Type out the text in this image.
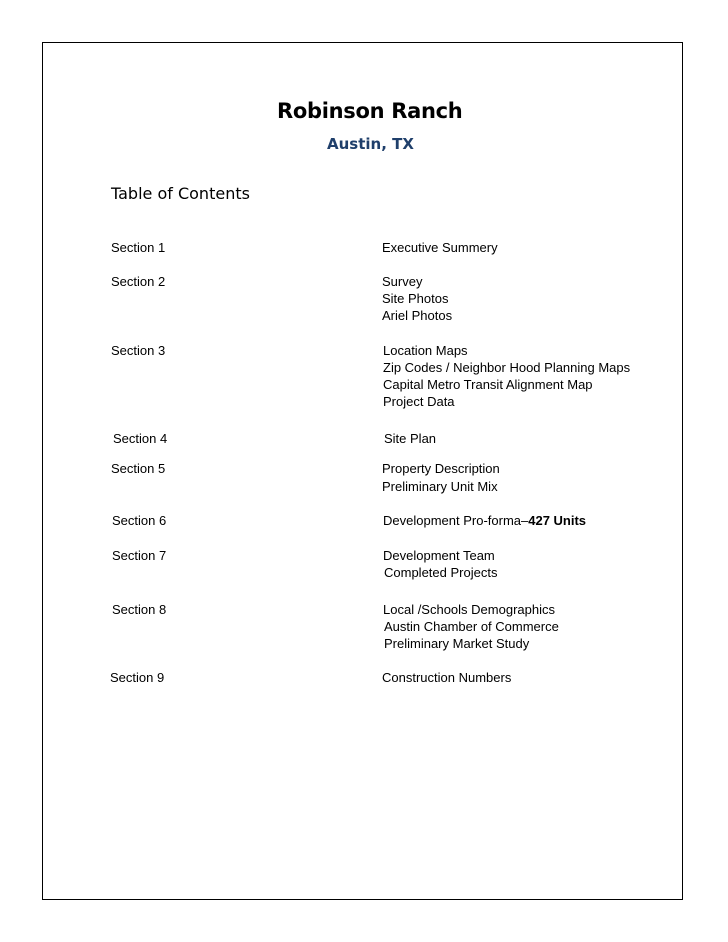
Robinson Ranch
Austin, TX
Table of Contents
Section 1	Executive Summery
Section 2	Survey
Site Photos
Ariel Photos
Section 3	Location Maps
Zip Codes / Neighbor Hood Planning Maps
Capital Metro Transit Alignment Map
Project Data
Section 4	Site Plan
Section 5	Property Description
Preliminary Unit Mix
Section 6	Development Pro-forma–427 Units
Section 7	Development Team
Completed Projects
Section 8	Local /Schools Demographics
Austin Chamber of Commerce
Preliminary Market Study
Section 9	Construction Numbers
